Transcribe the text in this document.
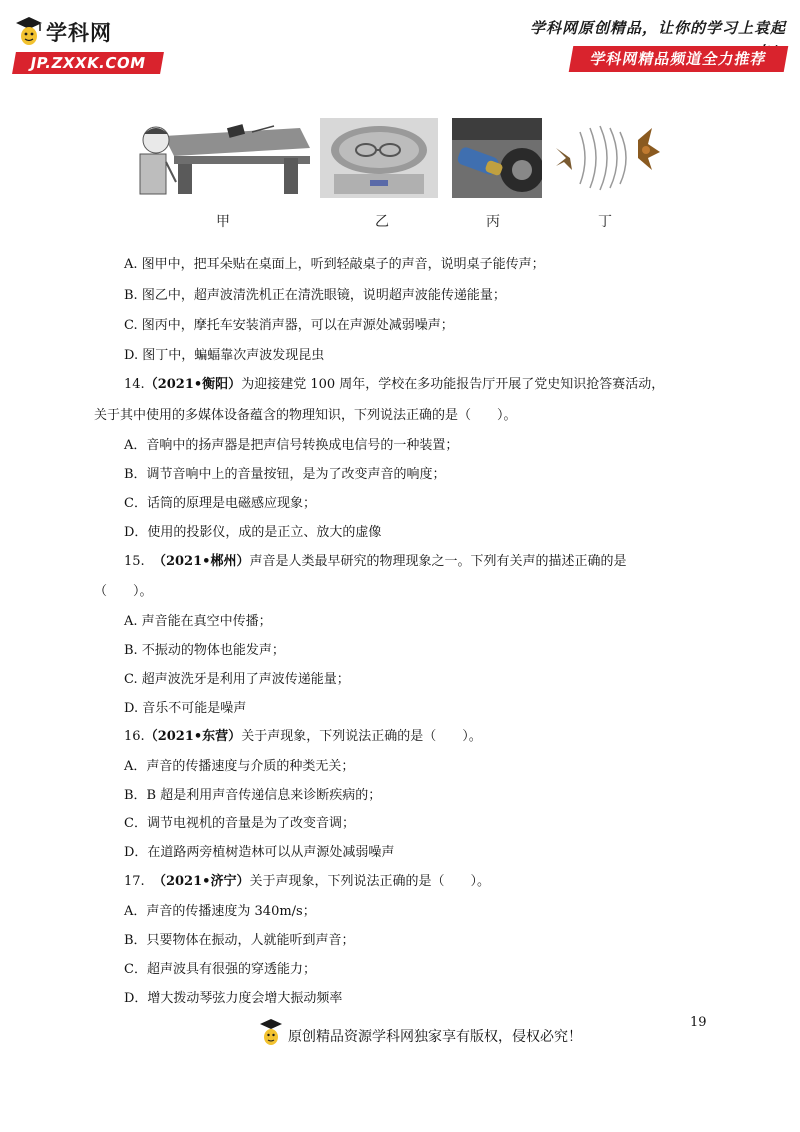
学科网
JP.ZXXK.COM
学科网原创精品，让你的学习上袁起
学科网精品频道全力推荐
甲	乙	丙	丁
A. 图甲中，把耳朵贴在桌面上，听到轻敲桌子的声音，说明桌子能传声；
B. 图乙中，超声波清洗机正在清洗眼镜，说明超声波能传递能量；
C. 图丙中，摩托车安装消声器，可以在声源处减弱噪声；
D. 图丁中，蝙蝠靠次声波发现昆虫
14.（2021•衡阳）为迎接建党 100 周年，学校在多功能报告厅开展了党史知识抢答赛活动，
关于其中使用的多媒体设备蕴含的物理知识，下列说法正确的是（　　）。
A．音响中的扬声器是把声信号转换成电信号的一种装置；
B．调节音响中上的音量按钮，是为了改变声音的响度；
C．话筒的原理是电磁感应现象；
D．使用的投影仪，成的是正立、放大的虚像
15. （2021•郴州）声音是人类最早研究的物理现象之一。下列有关声的描述正确的是
（　　）。
A. 声音能在真空中传播；
B. 不振动的物体也能发声；
C. 超声波洗牙是利用了声波传递能量；
D. 音乐不可能是噪声
16.（2021•东营）关于声现象，下列说法正确的是（　　）。
A．声音的传播速度与介质的种类无关；
B．B 超是利用声音传递信息来诊断疾病的；
C．调节电视机的音量是为了改变音调；
D．在道路两旁植树造林可以从声源处减弱噪声
17. （2021•济宁）关于声现象，下列说法正确的是（　　）。
A．声音的传播速度为 340m/s；
B．只要物体在振动，人就能听到声音；
C．超声波具有很强的穿透能力；
D．增大拨动琴弦力度会增大振动频率
19
原创精品资源学科网独家享有版权，侵权必究！
